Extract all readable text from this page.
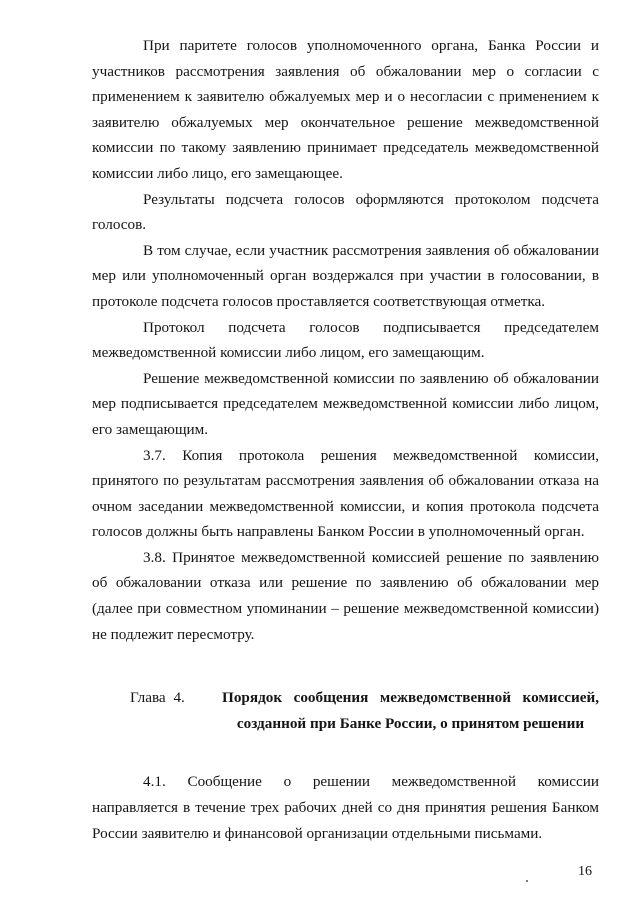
При паритете голосов уполномоченного органа, Банка России и участников рассмотрения заявления об обжаловании мер о согласии с применением к заявителю обжалуемых мер и о несогласии с применением к заявителю обжалуемых мер окончательное решение межведомственной комиссии по такому заявлению принимает председатель межведомственной комиссии либо лицо, его замещающее.

Результаты подсчета голосов оформляются протоколом подсчета голосов.

В том случае, если участник рассмотрения заявления об обжаловании мер или уполномоченный орган воздержался при участии в голосовании, в протоколе подсчета голосов проставляется соответствующая отметка.

Протокол подсчета голосов подписывается председателем межведомственной комиссии либо лицом, его замещающим.

Решение межведомственной комиссии по заявлению об обжаловании мер подписывается председателем межведомственной комиссии либо лицом, его замещающим.

3.7. Копия протокола решения межведомственной комиссии, принятого по результатам рассмотрения заявления об обжаловании отказа на очном заседании межведомственной комиссии, и копия протокола подсчета голосов должны быть направлены Банком России в уполномоченный орган.

3.8. Принятое межведомственной комиссией решение по заявлению об обжаловании отказа или решение по заявлению об обжаловании мер (далее при совместном упоминании – решение межведомственной комиссии) не подлежит пересмотру.

Глава 4.	Порядок сообщения межведомственной комиссией, созданной при Банке России, о принятом решении

4.1. Сообщение о решении межведомственной комиссии направляется в течение трех рабочих дней со дня принятия решения Банком России заявителю и финансовой организации отдельными письмами.

16
